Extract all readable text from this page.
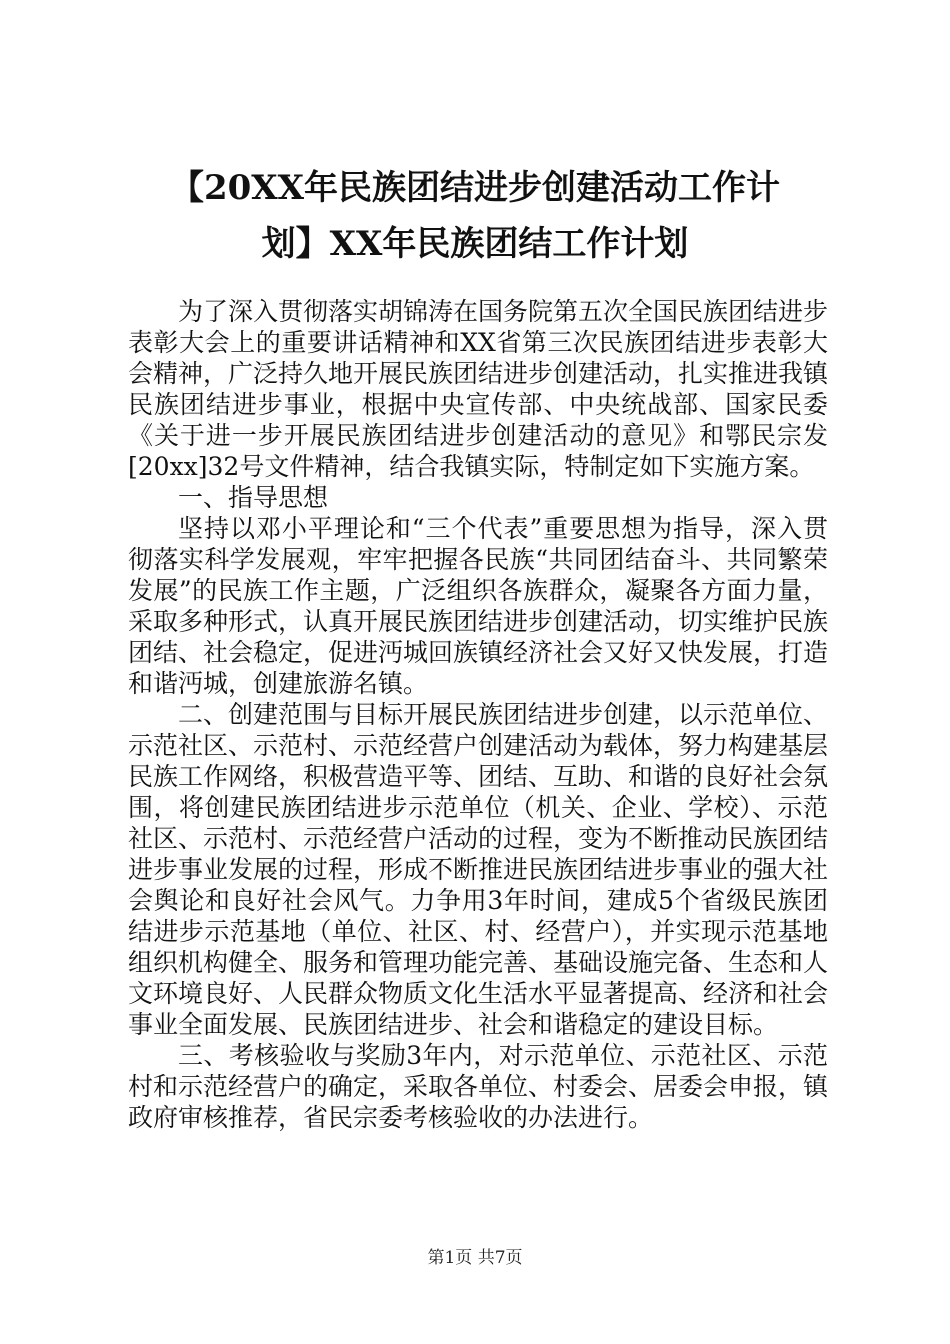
【20XX年民族团结进步创建活动工作计
划】XX年民族团结工作计划

为了深入贯彻落实胡锦涛在国务院第五次全国民族团结进步表彰大会上的重要讲话精神和XX省第三次民族团结进步表彰大会精神，广泛持久地开展民族团结进步创建活动，扎实推进我镇民族团结进步事业，根据中央宣传部、中央统战部、国家民委《关于进一步开展民族团结进步创建活动的意见》和鄂民宗发[20xx]32号文件精神，结合我镇实际，特制定如下实施方案。

一、指导思想

坚持以邓小平理论和“三个代表”重要思想为指导，深入贯彻落实科学发展观，牢牢把握各民族“共同团结奋斗、共同繁荣发展”的民族工作主题，广泛组织各族群众，凝聚各方面力量，采取多种形式，认真开展民族团结进步创建活动，切实维护民族团结、社会稳定，促进沔城回族镇经济社会又好又快发展，打造和谐沔城，创建旅游名镇。

二、创建范围与目标开展民族团结进步创建，以示范单位、示范社区、示范村、示范经营户创建活动为载体，努力构建基层民族工作网络，积极营造平等、团结、互助、和谐的良好社会氛围，将创建民族团结进步示范单位（机关、企业、学校）、示范社区、示范村、示范经营户活动的过程，变为不断推动民族团结进步事业发展的过程，形成不断推进民族团结进步事业的强大社会舆论和良好社会风气。力争用3年时间，建成5个省级民族团结进步示范基地（单位、社区、村、经营户），并实现示范基地组织机构健全、服务和管理功能完善、基础设施完备、生态和人文环境良好、人民群众物质文化生活水平显著提高、经济和社会事业全面发展、民族团结进步、社会和谐稳定的建设目标。

三、考核验收与奖励3年内，对示范单位、示范社区、示范村和示范经营户的确定，采取各单位、村委会、居委会申报，镇政府审核推荐，省民宗委考核验收的办法进行。

第1页 共7页
